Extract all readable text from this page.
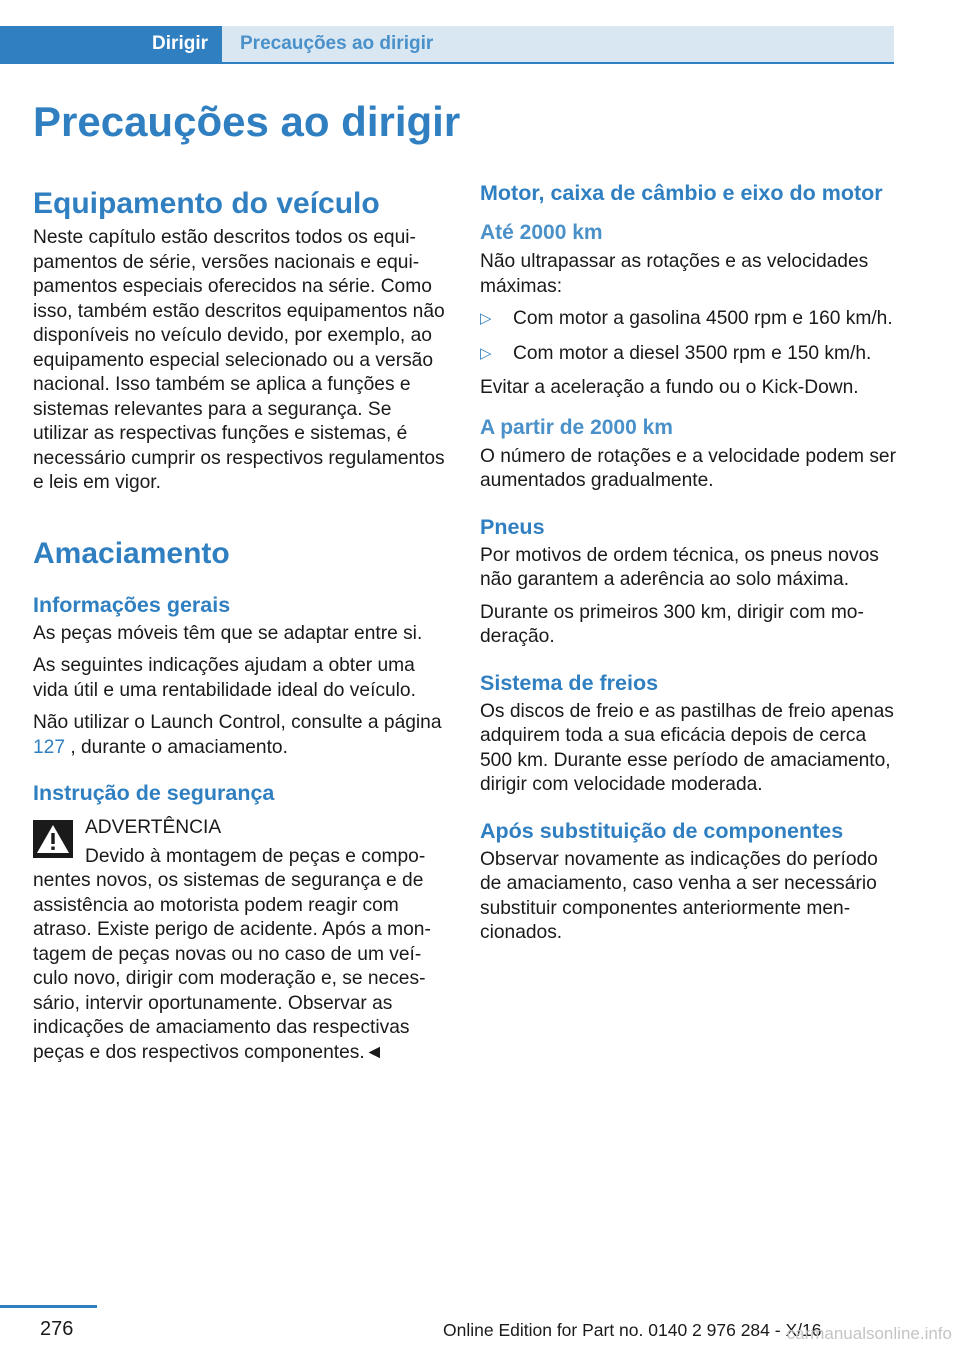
Dirigir	Precauções ao dirigir
Precauções ao dirigir
Equipamento do veículo

Neste capítulo estão descritos todos os equipamentos de série, versões nacionais e equipamentos especiais oferecidos na série. Como isso, também estão descritos equipamentos não disponíveis no veículo devido, por exemplo, ao equipamento especial selecionado ou a versão nacional. Isso também se aplica a funções e sistemas relevantes para a segurança. Se utilizar as respectivas funções e sistemas, é necessário cumprir os respectivos regulamentos e leis em vigor.

Amaciamento
Informações gerais

As peças móveis têm que se adaptar entre si.

As seguintes indicações ajudam a obter uma vida útil e uma rentabilidade ideal do veículo.

Não utilizar o Launch Control, consulte a página 127 , durante o amaciamento.

Instrução de segurança
ADVERTÊNCIA
Devido à montagem de peças e componentes novos, os sistemas de segurança e de assistência ao motorista podem reagir com atraso. Existe perigo de acidente. Após a montagem de peças novas ou no caso de um veículo novo, dirigir com moderação e, se necessário, intervir oportunamente. Observar as indicações de amaciamento das respectivas peças e dos respectivos componentes.◄
Motor, caixa de câmbio e eixo do motor
Até 2000 km

Não ultrapassar as rotações e as velocidades máximas:

▷ Com motor a gasolina 4500 rpm e 160 km/h.
▷ Com motor a diesel 3500 rpm e 150 km/h.

Evitar a aceleração a fundo ou o Kick-Down.

A partir de 2000 km

O número de rotações e a velocidade podem ser aumentados gradualmente.

Pneus

Por motivos de ordem técnica, os pneus novos não garantem a aderência ao solo máxima.

Durante os primeiros 300 km, dirigir com moderação.

Sistema de freios

Os discos de freio e as pastilhas de freio apenas adquirem toda a sua eficácia depois de cerca 500 km. Durante esse período de amaciamento, dirigir com velocidade moderada.

Após substituição de componentes

Observar novamente as indicações do período de amaciamento, caso venha a ser necessário substituir componentes anteriormente mencionados.

276	Online Edition for Part no. 0140 2 976 284 - X/16
carmanualsonline.info
